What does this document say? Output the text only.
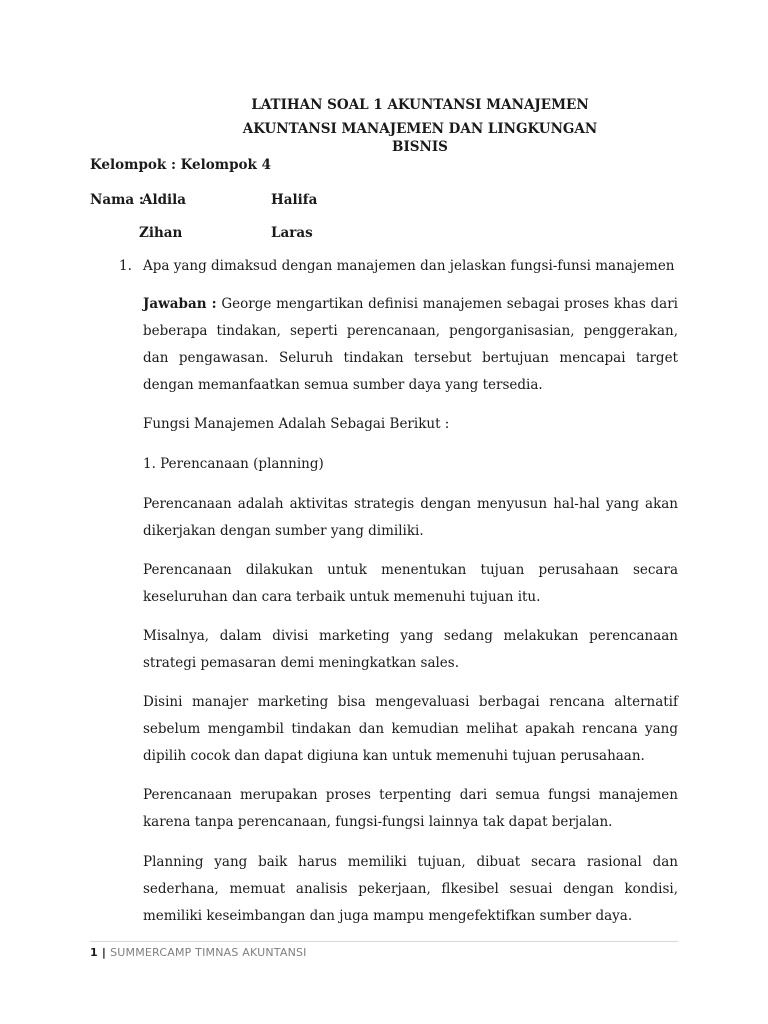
LATIHAN SOAL 1 AKUNTANSI MANAJEMEN
AKUNTANSI MANAJEMEN DAN LINGKUNGAN
BISNIS
Kelompok : Kelompok 4
Nama :
Aldila	Halifa
Zihan	Laras
1. Apa yang dimaksud dengan manajemen dan jelaskan fungsi-funsi manajemen
Jawaban : George mengartikan definisi manajemen sebagai proses khas dari beberapa tindakan, seperti perencanaan, pengorganisasian, penggerakan, dan pengawasan. Seluruh tindakan tersebut bertujuan mencapai target dengan memanfaatkan semua sumber daya yang tersedia.
Fungsi Manajemen Adalah Sebagai Berikut :
1. Perencanaan (planning)
Perencanaan adalah aktivitas strategis dengan menyusun hal-hal yang akan dikerjakan dengan sumber yang dimiliki.
Perencanaan dilakukan untuk menentukan tujuan perusahaan secara keseluruhan dan cara terbaik untuk memenuhi tujuan itu.
Misalnya, dalam divisi marketing yang sedang melakukan perencanaan strategi pemasaran demi meningkatkan sales.
Disini manajer marketing bisa mengevaluasi berbagai rencana alternatif sebelum mengambil tindakan dan kemudian melihat apakah rencana yang dipilih cocok dan dapat digiuna kan untuk memenuhi tujuan perusahaan.
Perencanaan merupakan proses terpenting dari semua fungsi manajemen karena tanpa perencanaan, fungsi-fungsi lainnya tak dapat berjalan.
Planning yang baik harus memiliki tujuan, dibuat secara rasional dan sederhana, memuat analisis pekerjaan, flkesibel sesuai dengan kondisi, memiliki keseimbangan dan juga mampu mengefektifkan sumber daya.
1 | SUMMERCAMP TIMNAS AKUNTANSI
